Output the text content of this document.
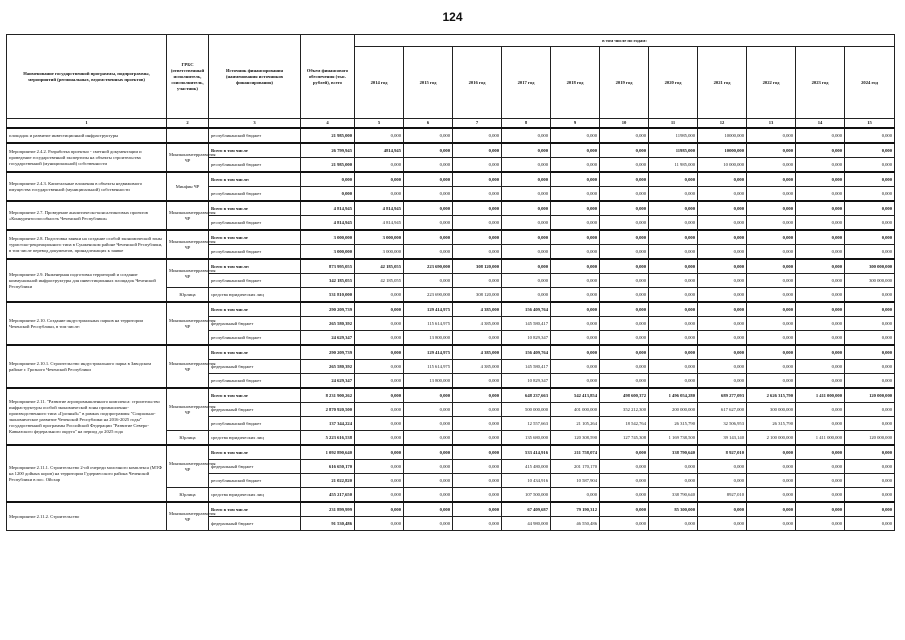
124
Наименование государственной программы, подпрограммы, мероприятий (региональных, ведомственных проектов)	ГРБС (ответственный исполнитель, соисполнитель, участник)	Источник финансирования (наименования источников финансирования)	Объем финансового обеспечения (тыс. рублей), всего	в том числе по годам:										
				2014 год	2015 год	2016 год	2017 год	2018 год	2019 год	2020 год	2021 год	2022 год	2023 год	2024 год
1	2	3	4	5	6	7	8	9	10	11	12	13	14	15
площадок и развитие инвестиционной инфраструктуры		республиканский бюджет	21 985,000	0,000	0,000	0,000	0,000	0,000	0,000	11985,000	10000,000	0,000	0,000	0,000
Мероприятие 2.4.2. Разработка проектно - сметной документации и проведение государственной экспертизы на объекты строительства государственной (муниципальной) собственности	Минэкономтерразвития ЧР	Всего в том числе	26 799,945	4814,945	0,000	0,000	0,000	0,000	0,000	11985,000	10000,000	0,000	0,000	0,000
		республиканский бюджет	21 985,000	0,000	0,000	0,000	0,000	0,000	0,000	11 985,000	10 000,000	0,000	0,000	0,000
Мероприятие 2.4.3. Капитальные вложения в объекты недвижимого имущества государственной (муниципальной) собственности	Минфин ЧР	Всего в том числе:	0,000	0,000	0,000	0,000	0,000	0,000	0,000	0,000	0,000	0,000	0,000	0,000
		республиканский бюджет	0,000	0,000	0,000	0,000	0,000	0,000	0,000	0,000	0,000	0,000	0,000	0,000
Мероприятие 2.7. Проведение аналитическо-консалтинговых проектов «Конкурентоспособность Чеченской Республики»	Минэкономтерразвития ЧР	Всего в том числе	4 814,945	4 814,945	0,000	0,000	0,000	0,000	0,000	0,000	0,000	0,000	0,000	0,000
		республиканский бюджет	4 814,945	4 814,945	0,000	0,000	0,000	0,000	0,000	0,000	0,000	0,000	0,000	0,000
Мероприятие 2.8. Подготовка заявки на создание особой экономической зоны туристско-рекреационного типа в Сунженском районе Чеченской Республики, в том числе перевод документов, принадлежащих к заявке	Минэкономтерразвития ЧР	Всего в том числе	3 000,000	3 000,000	0,000	0,000	0,000	0,000	0,000	0,000	0,000	0,000	0,000	0,000
		республиканский бюджет	3 000,000	3 000,000	0,000	0,000	0,000	0,000	0,000	0,000	0,000	0,000	0,000	0,000
Мероприятие 2.9. Инженерная подготовка территорий и создание коммунальной инфраструктуры для инвестиционных площадок Чеченской Республики	Минэкономтерразвития ЧР	Всего в том числе:	873 995,055	42 185,055	223 690,000	308 120,000	0,000	0,000	0,000	0,000	0,000	0,000	0,000	300 000,000
		республиканский бюджет	342 185,055	42 185,055	0,000	0,000	0,000	0,000	0,000	0,000	0,000	0,000	0,000	300 000,000
	Юрлица	средства юридических лиц	531 810,000	0,000	223 690,000	308 120,000	0,000	0,000	0,000	0,000	0,000	0,000	0,000	0,000
Мероприятие 2.10. Создание индустриальных парков на территории Чеченской Республики, в том числе:	Минэкономтерразвития ЧР	Всего в том числе	290 209,739	0,000	129 414,975	4 385,000	156 409,764	0,000	0,000	0,000	0,000	0,000	0,000	0,000
		федеральный бюджет	265 580,392	0,000	115 614,975	4 385,000	145 580,417	0,000	0,000	0,000	0,000	0,000	0,000	0,000
		республиканский бюджет	24 629,347	0,000	13 800,000	0,000	10 829,347	0,000	0,000	0,000	0,000	0,000	0,000	0,000
Мероприятие 2.10.1. Строительство индустриального парка в Заводском районе г. Грозного Чеченской Республики	Минэкономтерразвития ЧР	Всего в том числе	290 209,739	0,000	129 414,975	4 385,000	156 409,764	0,000	0,000	0,000	0,000	0,000	0,000	0,000
		федеральный бюджет	265 580,392	0,000	115 614,975	4 385,000	145 580,417	0,000	0,000	0,000	0,000	0,000	0,000	0,000
		республиканский бюджет	24 629,347	0,000	13 800,000	0,000	10 829,347	0,000	0,000	0,000	0,000	0,000	0,000	0,000
Мероприятие 2.11. "Развитие агропромышленного комплекса: строительство инфраструктуры особой экономической зоны промышленно-производственного типа «Грозный»" в рамках подпрограммы "Социально-экономическое развитие Чеченской Республики на 2016-2025 годы" государственной программы Российской Федерации "Развитие Северо-Кавказского федерального округа" на период до 2025 года	Минэкономтерразвития ЧР	Всего в том числе	8 231 900,262	0,000	0,000	0,000	648 237,663	542 413,854	498 600,372	1 496 054,280	689 277,093	2 626 315,790	1 411 000,000	120 000,000
		федеральный бюджет	2 870 920,500	0,000	0,000	0,000	500 000,000	401 000,000	352 212,300	200 000,000	617 627,000	300 000,000	0,000	0,000
		республиканский бюджет	137 344,224	0,000	0,000	0,000	12 557,663	21 105,264	18 542,764	26 315,790	32 506,953	26 315,790	0,000	0,000
	Юрлица	средства юридических лиц	5 223 616,538	0,000	0,000	0,000	135 680,000	120 308,590	127 745,308	1 169 738,500	39 143,140	2 100 000,000	1 411 000,000	120 000,000
Мероприятие 2.11.1. Строительство 2-ой очереди молочного комплекса (МТФ на 1200 дойных коров) на территории Гудермесского района Чеченской Республики в пос. Ойсхар	Минэкономтерразвития ЧР	Всего в том числе	1 092 890,640	0,000	0,000	0,000	533 414,916	211 758,074	0,000	338 790,640	8 927,010	0,000	0,000	0,000
		федеральный бюджет	616 650,170	0,000	0,000	0,000	415 480,000	201 170,170	0,000	0,000	0,000	0,000	0,000	0,000
		республиканский бюджет	21 022,820	0,000	0,000	0,000	10 434,916	10 587,904	0,000	0,000	0,000	0,000	0,000	0,000
	Юрлица	средства юридических лиц	455 217,650	0,000	0,000	0,000	107 500,000	0,000	0,000	338 790,640	8927,010	0,000	0,000	0,000
Мероприятие 2.11.2. Строительство	Минэкономтерразвития ЧР	Всего в том числе	231 899,999	0,000	0,000	0,000	67 409,687	79 190,312	0,000	85 300,000	0,000	0,000	0,000	0,000
		федеральный бюджет	91 530,486	0,000	0,000	0,000	44 980,000	46 550,486	0,000	0,000	0,000	0,000	0,000	0,000
